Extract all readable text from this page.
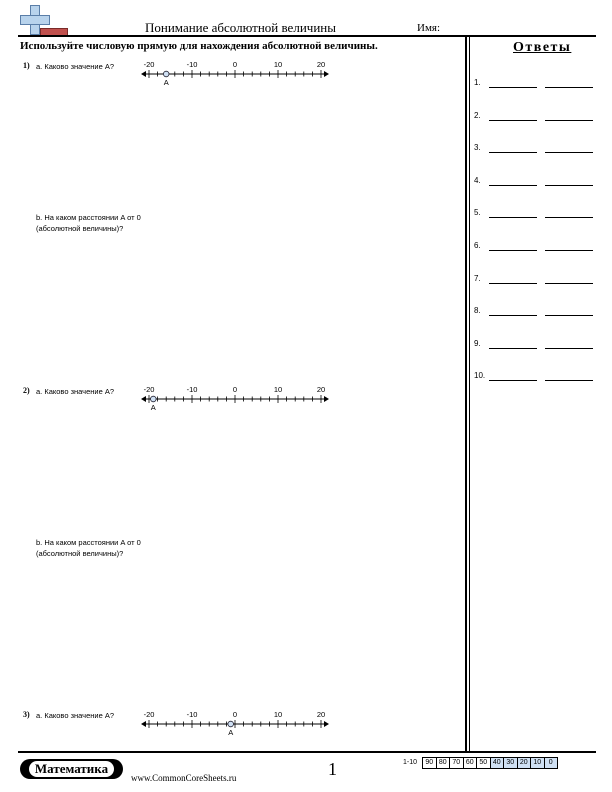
Понимание абсолютной величины	Имя:
Используйте числовую прямую для нахождения абсолютной величины.
1) a. Каково значение A?	-20	-10	0	10	20
A
b. На каком расстоянии A от 0 (абсолютной величины)?
2) a. Каково значение A?	-20	-10	0	10	20
A
b. На каком расстоянии A от 0 (абсолютной величины)?
3) a. Каково значение A?	-20	-10	0	10	20
A
Ответы
1.
2.
3.
4.
5.
6.
7.
8.
9.
10.
Математика
www.CommonCoreSheets.ru	1	1-10	90 80 70 60 50 40 30 20 10	0
